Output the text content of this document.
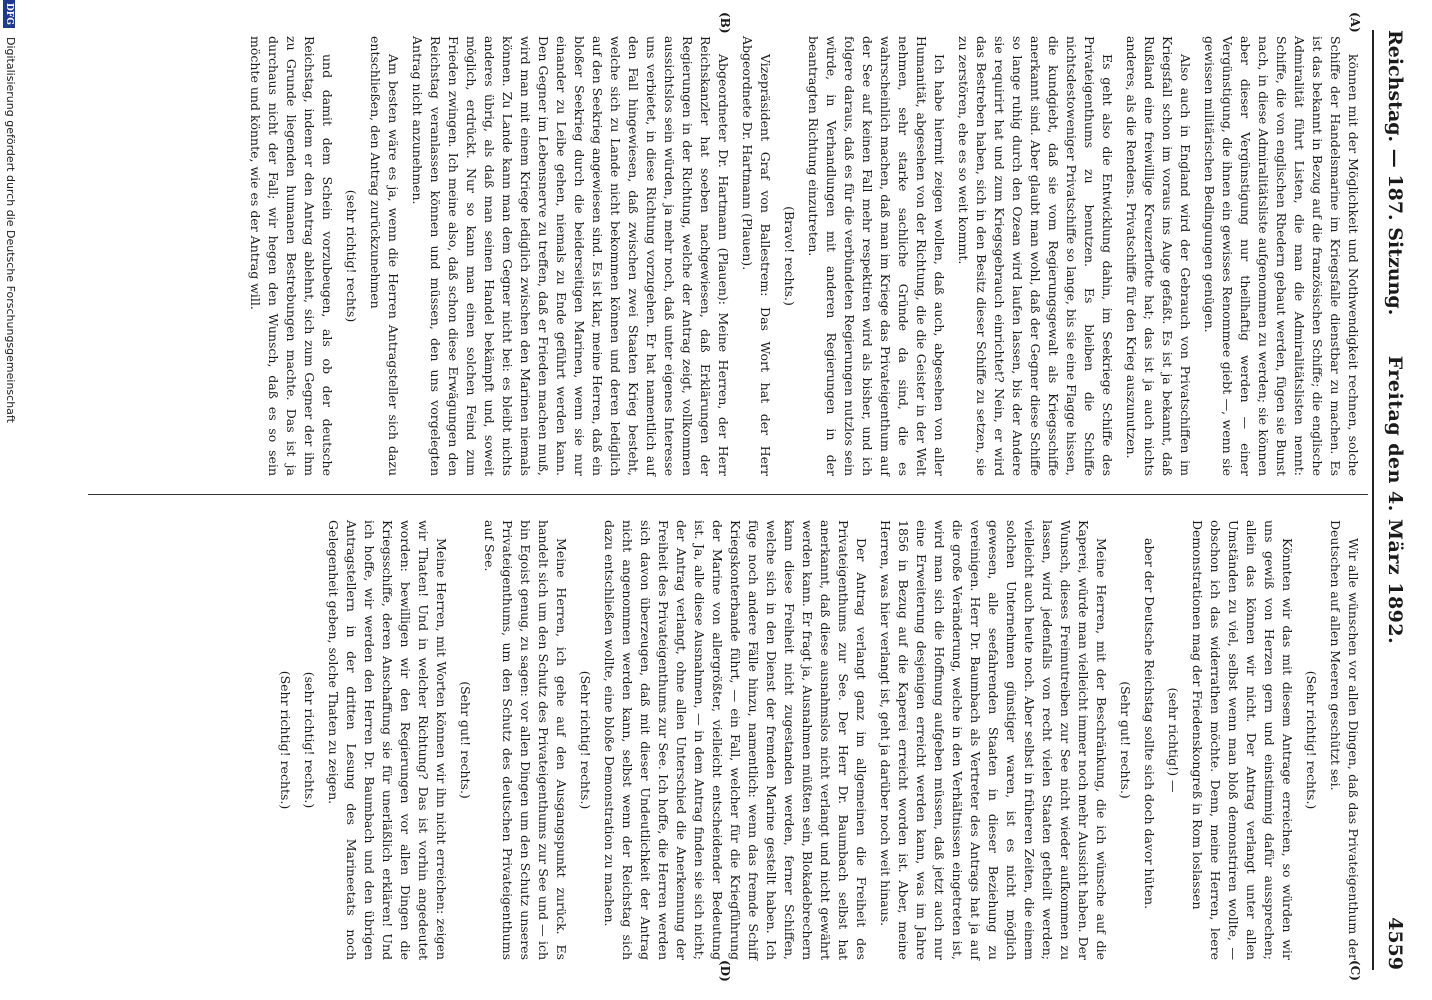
Reichstag. — 187. Sitzung.
Freitag den 4. März 1892.
4559
(A)
(B)
(C)
(D)

können mit der Möglichkeit und Nothwendigkeit rechnen, solche Schiffe der Handelsmarine im Kriegsfalle dienstbar zu machen. Es ist das bekannt in Bezug auf die französischen Schiffe; die englische Admiralität führt Listen, die man die Admiralitätslisten nennt: Schiffe, die von englischen Rhedern gebaut werden, fügen sie Bunst nach, in diese Admiralitätsliste aufgenommen zu werden; sie können aber dieser Vergünstigung nur theilhaftig werden — einer Vergünstigung, die ihnen ein gewisses Renommee giebt —, wenn sie gewissen militärischen Bedingungen genügen.

Also auch in England wird der Gebrauch von Privatschiffen im Kriegsfall schon im voraus ins Auge gefaßt. Es ist ja bekannt, daß Rußland eine freiwillige Kreuzerflotte hat; das ist ja auch nichts anderes, als die Rendens. Privatschiffe für den Krieg auszunutzen.

Es geht also die Entwicklung dahin, im Seekriege Schiffe des Privateigenthums zu benutzen. Es bleiben die Schiffe nichtsdestoweniger Privatschiffe so lange, bis sie eine Flagge hissen, die kundgiebt, daß sie vom Regierungsgewalt als Kriegsschiffe anerkannt sind. Aber glaubt man wohl, daß der Gegner diese Schiffe so lange ruhig durch den Ozean wird laufen lassen, bis der Andere sie requirirt hat und zum Kriegsgebrauch einrichtet? Nein, er wird das Bestreben haben, sich in den Besitz dieser Schiffe zu setzen, sie zu zerstören, ehe es so weit kommt.

Ich habe hiermit zeigen wollen, daß auch, abgesehen von aller Humanität, abgesehen von der Richtung, die die Geister in der Welt nehmen, sehr starke sachliche Gründe da sind, die es wahrscheinlich machen, daß man im Kriege das Privateigenthum auf der See auf keinen Fall mehr respektiren wird als bisher, und ich folgere daraus, daß es für die verbündeten Regierungen nutzlos sein würde, in Verhandlungen mit anderen Regierungen in der beantragten Richtung einzutreten.

(Bravo! rechts.)

Vizepräsident Graf von Ballestrem: Das Wort hat der Herr Abgeordnete Dr. Hartmann (Plauen).

Abgeordneter Dr. Hartmann (Plauen): Meine Herren, der Herr Reichskanzler hat soeben nachgewiesen, daß Erklärungen der Regierungen in der Richtung, welche der Antrag zeigt, vollkommen aussichtslos sein würden, ja mehr noch, daß unter eigenes Interesse uns verbietet, in diese Richtung vorzugehen. Er hat namentlich auf den Fall hingewiesen, daß zwischen zwei Staaten Krieg besteht, welche sich zu Lande nicht bekommen können und deren lediglich auf den Seekrieg angewiesen sind. Es ist klar, meine Herren, daß ein bloßer Seekrieg durch die beiderseitigen Marinen, wenn sie nur einander zu Leibe gehen, niemals zu Ende geführt werden kann. Den Gegner im Lebensnerve zu treffen, daß er Frieden machen muß, wird man mit einem Kriege lediglich zwischen den Marinen niemals können. Zu Lande kann man dem Gegner nicht bei: es bleibt nichts anderes übrig, als daß man seinen Handel bekämpft und, soweit möglich, erdrückt. Nur so kann man einen solchen Feind zum Frieden zwingen. Ich meine also, daß schon diese Erwägungen den Reichstag veranlassen können und müssen, den uns vorgelegten Antrag nicht anzunehmen.

Am besten wäre es ja, wenn die Herren Antragsteller sich dazu entschließen, den Antrag zurückzunehmen

(sehr richtig! rechts)

und damit dem Schein vorzubeugen, als ob der deutsche Reichstag, indem er den Antrag ablehnt, sich zum Gegner der ihm zu Grunde liegenden humanen Bestrebungen machte. Das ist ja durchaus nicht der Fall; wir hegen den Wunsch, daß es so sein möchte und könnte, wie es der Antrag will.

Wir alle wünschen vor allen Dingen, daß das Privateigenthum der Deutschen auf allen Meeren geschützt sei.

(Sehr richtig! rechts.)

Könnten wir das mit diesem Antrage erreichen, so würden wir uns gewiß von Herzen gern und einstimmig dafür aussprechen; allein das können wir nicht. Der Antrag verlangt unter allen Umständen zu viel, selbst wenn man bloß demonstriren wollte, — obschon ich das widerrathen möchte. Denn, meine Herren, leere Demonstrationen mag der Friedenskongreß in Rom loslassen

(sehr richtig!) —

aber der Deutsche Reichstag sollte sich doch davor hüten.

(Sehr gut! rechts.)

Meine Herren, mit der Beschränkung, die ich wünsche auf die Kaperei, würde man vielleicht immer noch mehr Aussicht haben. Der Wunsch, dieses Freimutreiben zur See nicht wieder aufkommen zu lassen, wird jedenfalls von recht vielen Staaten getheilt werden; vielleicht auch heute noch. Aber selbst in früheren Zeiten, die einem solchen Unternehmen günstiger waren, ist es nicht möglich gewesen, alle seefahrenden Staaten in dieser Beziehung zu vereinigen. Herr Dr. Baumbach als Vertreter des Antrags hat ja auf die große Veränderung, welche in den Verhältnissen eingetreten ist, wird man sich die Hoffnung aufgeben müssen, daß jetzt auch nur eine Erweiterung desjenigen erreicht werden kann, was im Jahre 1856 in Bezug auf die Kaperei erreicht worden ist. Aber, meine Herren, was hier verlangt ist, geht ja darüber noch weit hinaus.

Der Antrag verlangt ganz im allgemeinen die Freiheit des Privateigenthums zur See. Der Herr Dr. Baumbach selbst hat anerkannt, daß diese ausnahmslos nicht verlangt und nicht gewährt werden kann. Er fragt ja, Ausnahmen müßten sein, Blokadebrechern kann diese Freiheit nicht zugestanden werden, ferner Schiffen, welche sich in den Dienst der fremden Marine gestellt haben. Ich füge noch andere Fälle hinzu, namentlich: wenn das fremde Schiff Kriegskonterbande führt, — ein Fall, welcher für die Kriegführung der Marine von allergrößter, vielleicht entscheidender Bedeutung ist. Ja, alle diese Ausnahmen, — in dem Antrag finden sie sich nicht; der Antrag verlangt, ohne allen Unterschied die Anerkennung der Freiheit des Privateigenthums zur See. Ich hoffe, die Herren werden sich davon überzeugen, daß mit dieser Undeutlichkeit der Antrag nicht angenommen werden kann, selbst wenn der Reichstag sich dazu entschließen wollte, eine bloße Demonstration zu machen.

(Sehr richtig! rechts.)

Meine Herren, ich gehe auf den Ausgangspunkt zurück. Es handelt sich um den Schutz des Privateigenthums zur See und — ich bin Egoist genug, zu sagen: vor allen Dingen um den Schutz unseres Privateigenthums, um den Schutz des deutschen Privateigenthums auf See.

(Sehr gut! rechts.)

Meine Herren, mit Worten können wir ihn nicht erreichen: zeigen wir Thaten! Und in welcher Richtung? Das ist vorhin angedeutet worden: bewilligen wir den Regierungen vor allen Dingen die Kriegsschiffe, deren Anschaffung sie für unerläßlich erklären! Und ich hoffe, wir werden den Herren Dr. Baumbach und den übrigen Antragstellern in der dritten Lesung des Marineetats noch Gelegenheit geben, solche Thaten zu zeigen.

(sehr richtig! rechts.)

(Sehr richtig! rechts.)

DFG Digitalisierung gefördert durch die Deutsche Forschungsgemeinschaft
